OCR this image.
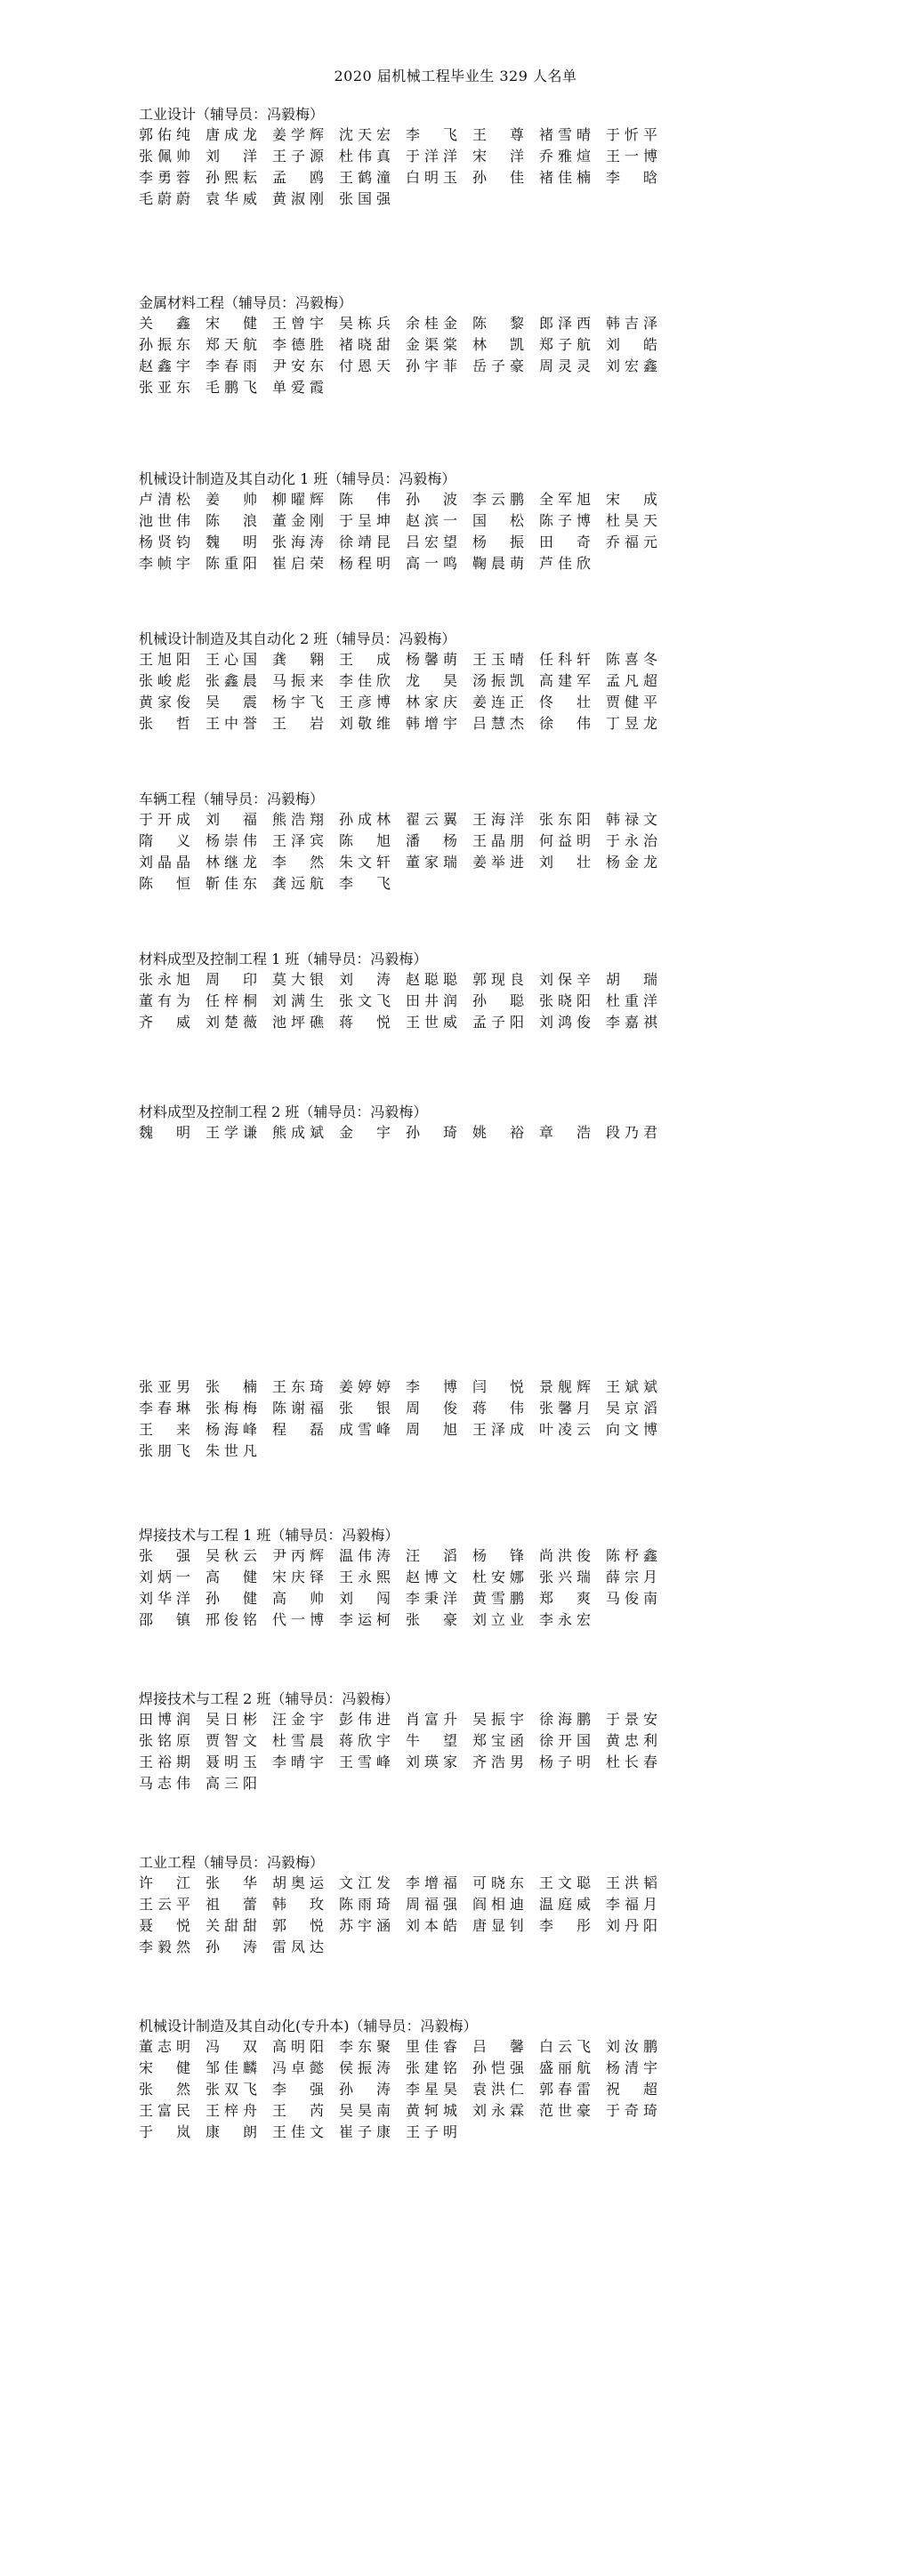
2020 届机械工程毕业生 329 人名单
工业设计（辅导员：冯毅梅）
郭佑纯 唐成龙 姜学辉 沈天宏 李　飞 王　尊 褚雪晴 于忻平
张佩帅 刘　洋 王子源 杜伟真 于洋洋 宋　洋 乔雅煊 王一博
李勇蓉 孙熙耘 孟　鸥 王鹤潼 白明玉 孙　佳 褚佳楠 李　晗
毛蔚蔚 袁华威 黄淑刚 张国强
金属材料工程（辅导员：冯毅梅）
关　鑫 宋　健 王曾宇 吴栋兵 余桂金 陈　黎 郎泽西 韩吉泽
孙振东 郑天航 李德胜 褚晓甜 金渠棠 林　凯 郑子航 刘　皓
赵鑫宇 李春雨 尹安东 付恩天 孙宇菲 岳子豪 周灵灵 刘宏鑫
张亚东 毛鹏飞 单爱霞
机械设计制造及其自动化 1 班（辅导员：冯毅梅）
卢清松 姜　帅 柳曜辉 陈　伟 孙　波 李云鹏 全军旭 宋　成
池世伟 陈　浪 董金刚 于呈坤 赵滨一 国　松 陈子博 杜昊天
杨贤钧 魏　明 张海涛 徐靖昆 吕宏望 杨　振 田　奇 乔福元
李帧宇 陈重阳 崔启荣 杨程明 高一鸣 鞠晨萌 芦佳欣
机械设计制造及其自动化 2 班（辅导员：冯毅梅）
王旭阳 王心国 龚　翱 王　成 杨馨萌 王玉晴 任科轩 陈喜冬
张峻彪 张鑫晨 马振来 李佳欣 龙　昊 汤振凯 高建军 孟凡超
黄家俊 吴　震 杨宇飞 王彦博 林家庆 姜连正 佟　壮 贾健平
张　哲 王中誉 王　岩 刘敬维 韩增宇 吕慧杰 徐　伟 丁昱龙
车辆工程（辅导员：冯毅梅）
于开成 刘　福 熊浩翔 孙成林 翟云翼 王海洋 张东阳 韩禄文
隋　义 杨崇伟 王泽宾 陈　旭 潘　杨 王晶朋 何益明 于永治
刘晶晶 林继龙 李　然 朱文轩 董家瑞 姜举进 刘　壮 杨金龙
陈　恒 靳佳东 龚远航 李　飞
材料成型及控制工程 1 班（辅导员：冯毅梅）
张永旭 周　印 莫大银 刘　涛 赵聪聪 郭现良 刘保辛 胡　瑞
董有为 任梓桐 刘满生 张文飞 田井润 孙　聪 张晓阳 杜重洋
齐　威 刘楚薇 池坪礁 蒋　悦 王世威 孟子阳 刘鸿俊 李嘉祺
材料成型及控制工程 2 班（辅导员：冯毅梅）
魏　明 王学谦 熊成斌 金　宇 孙　琦 姚　裕 章　浩 段乃君
张亚男 张　楠 王东琦 姜婷婷 李　博 闫　悦 景舰辉 王斌斌
李春琳 张梅梅 陈谢福 张　银 周　俊 蒋　伟 张馨月 吴京滔
王　来 杨海峰 程　磊 成雪峰 周　旭 王泽成 叶凌云 向文博
张朋飞 朱世凡
焊接技术与工程 1 班（辅导员：冯毅梅）
张　强 吴秋云 尹丙辉 温伟涛 汪　滔 杨　锋 尚洪俊 陈杼鑫
刘炳一 高　健 宋庆铎 王永熙 赵博文 杜安娜 张兴瑞 薛宗月
刘华洋 孙　健 高　帅 刘　闯 李秉洋 黄雪鹏 郑　爽 马俊南
邵　镇 邢俊铭 代一博 李运柯 张　豪 刘立业 李永宏
焊接技术与工程 2 班（辅导员：冯毅梅）
田博润 吴日彬 汪金宇 彭伟进 肖富升 吴振宇 徐海鹏 于景安
张铭原 贾智文 杜雪晨 蒋欣宇 牛　望 郑宝函 徐开国 黄忠利
王裕期 聂明玉 李晴宇 王雪峰 刘瑛家 齐浩男 杨子明 杜长春
马志伟 高三阳
工业工程（辅导员：冯毅梅）
许　江 张　华 胡奥运 文江发 李增福 可晓东 王文聪 王洪韬
王云平 祖　蕾 韩　玫 陈雨琦 周福强 阎相迪 温庭威 李福月
聂　悦 关甜甜 郭　悦 苏宇涵 刘本皓 唐显钊 李　彤 刘丹阳
李毅然 孙　涛 雷凤达
机械设计制造及其自动化(专升本)（辅导员：冯毅梅）
董志明 冯　双 高明阳 李东聚 里佳睿 吕　馨 白云飞 刘汝鹏
宋　健 邹佳麟 冯卓懿 侯振涛 张建铭 孙恺强 盛丽航 杨清宇
张　然 张双飞 李　强 孙　涛 李星昊 袁洪仁 郭春雷 祝　超
王富民 王梓舟 王　芮 吴昊南 黄轲城 刘永霖 范世豪 于奇琦
于　岚 康　朗 王佳文 崔子康 王子明
